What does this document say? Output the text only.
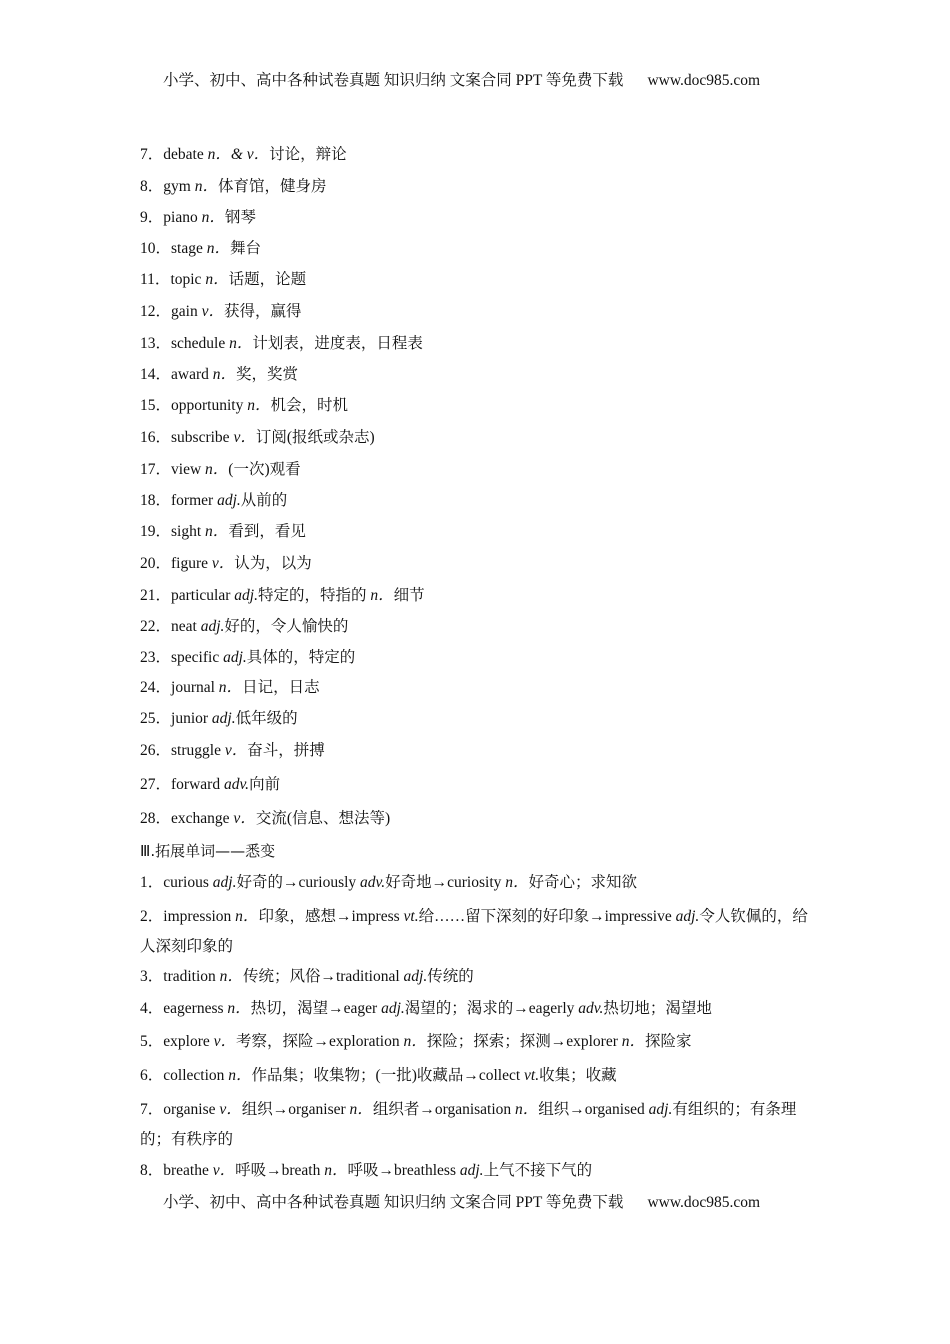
小学、初中、高中各种试卷真题 知识归纳 文案合同 PPT 等免费下载 www.doc985.com
7．debate n．& v．讨论，辩论
8．gym n．体育馆，健身房
9．piano n．钢琴
10．stage n．舞台
11．topic n．话题，论题
12．gain v．获得，赢得
13．schedule n．计划表，进度表，日程表
14．award n．奖，奖赏
15．opportunity n．机会，时机
16．subscribe v．订阅(报纸或杂志)
17．view n．(一次)观看
18．former adj.从前的
19．sight n．看到，看见
20．figure v．认为，以为
21．particular adj.特定的，特指的 n．细节
22．neat adj.好的，令人愉快的
23．specific adj.具体的，特定的
24．journal n．日记，日志
25．junior adj.低年级的
26．struggle v．奋斗，拼搏
27．forward adv.向前
28．exchange v．交流(信息、想法等)
Ⅲ.拓展单词——悉变
1．curious adj.好奇的→curiously adv.好奇地→curiosity n．好奇心；求知欲
2．impression n．印象，感想→impress vt.给……留下深刻的好印象→impressive adj.令人钦佩的，给人深刻印象的
3．tradition n．传统；风俗→traditional adj.传统的
4．eagerness n．热切，渴望→eager adj.渴望的；渴求的→eagerly adv.热切地；渴望地
5．explore v．考察，探险→exploration n．探险；探索；探测→explorer n．探险家
6．collection n．作品集；收集物；(一批)收藏品→collect vt.收集；收藏
7．organise v．组织→organiser n．组织者→organisation n．组织→organised adj.有组织的；有条理的；有秩序的
8．breathe v．呼吸→breath n．呼吸→breathless adj.上气不接下气的
小学、初中、高中各种试卷真题 知识归纳 文案合同 PPT 等免费下载 www.doc985.com
